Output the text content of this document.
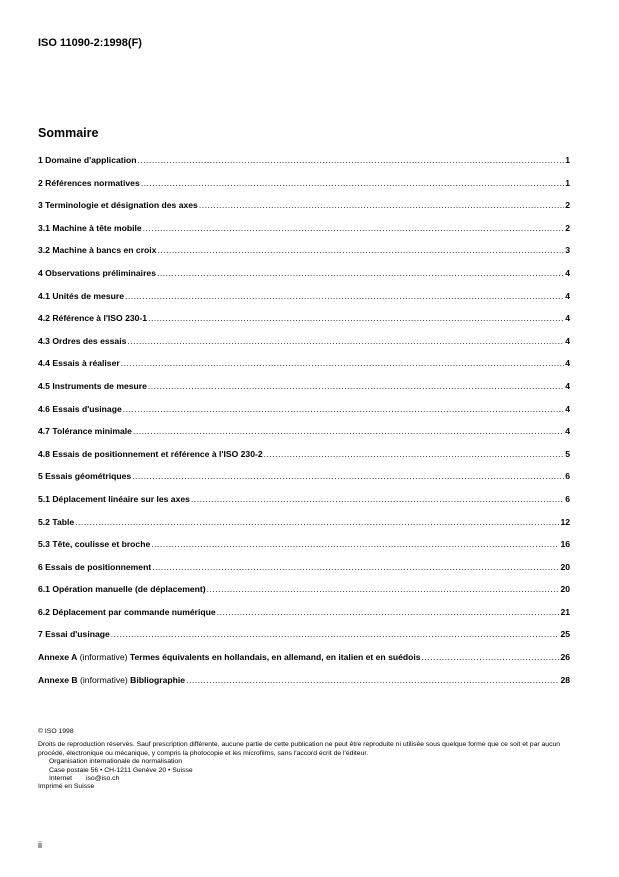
ISO 11090-2:1998(F)
Sommaire
1 Domaine d'application .....	1
2 Références normatives .....	1
3 Terminologie et désignation des axes .....	2
3.1 Machine à tête mobile .....	2
3.2 Machine à bancs en croix .....	3
4 Observations préliminaires .....	4
4.1 Unités de mesure .....	4
4.2 Référence à l'ISO 230-1 .....	4
4.3 Ordres des essais .....	4
4.4 Essais à réaliser .....	4
4.5 Instruments de mesure .....	4
4.6 Essais d'usinage .....	4
4.7 Tolérance minimale .....	4
4.8 Essais de positionnement et référence à l'ISO 230-2 .....	5
5 Essais géométriques .....	6
5.1 Déplacement linéaire sur les axes .....	6
5.2 Table .....	12
5.3 Tête, coulisse et broche .....	16
6 Essais de positionnement .....	20
6.1 Opération manuelle (de déplacement) .....	20
6.2 Déplacement par commande numérique .....	21
7 Essai d'usinage .....	25
Annexe A (informative) Termes équivalents en hollandais, en allemand, en italien et en suédois .....	26
Annexe B (informative) Bibliographie .....	28

© ISO 1998

Droits de reproduction réservés. Sauf prescription différente, aucune partie de cette publication ne peut être reproduite ni utilisée sous quelque forme que ce soit et par aucun procédé, électronique ou mécanique, y compris la photocopie et les microfilms, sans l'accord écrit de l'éditeur.

Organisation internationale de normalisation

Case postale 56 • CH-1211 Genève 20 • Suisse

Internet iso@iso.ch

Imprimé en Suisse

ii
